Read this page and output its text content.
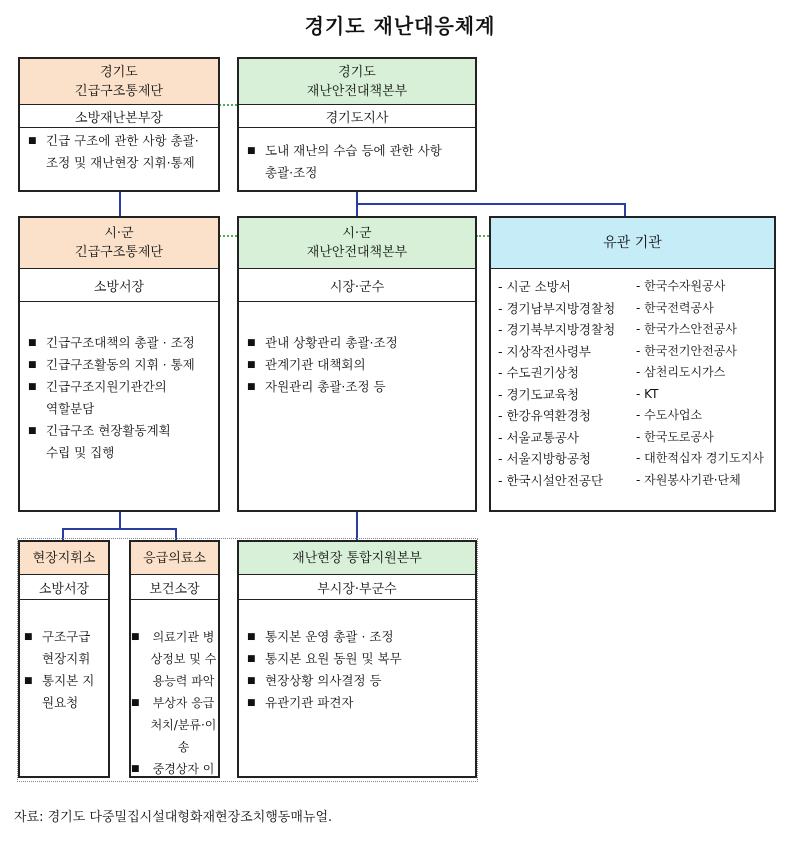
경기도 재난대응체계
경기도
긴급구조통제단
소방재난본부장
■ 긴급 구조에 관한 사항 총괄·조정 및 재난현장 지휘·통제
경기도
재난안전대책본부
경기도지사
■ 도내 재난의 수습 등에 관한 사항 총괄·조정
시·군
긴급구조통제단
소방서장
■ 긴급구조대책의 총괄 · 조정
■ 긴급구조활동의 지휘 · 통제
■ 긴급구조지원기관간의 역할분담
■ 긴급구조 현장활동계획 수립 및 집행
시·군
재난안전대책본부
시장·군수
■ 관내 상황관리 총괄·조정
■ 관계기관 대책회의
■ 자원관리 총괄·조정 등
유관 기관
- 시군 소방서
- 경기남부지방경찰청
- 경기북부지방경찰청
- 지상작전사령부
- 수도권기상청
- 경기도교육청
- 한강유역환경청
- 서울교통공사
- 서울지방항공청
- 한국시설안전공단
- 한국수자원공사
- 한국전력공사
- 한국가스안전공사
- 한국전기안전공사
- 삼천리도시가스
- KT
- 수도사업소
- 한국도로공사
- 대한적십자 경기도지사
- 자원봉사기관·단체
현장지휘소
소방서장
■ 구조구급 현장지휘
■ 통지본 지원요청
응급의료소
보건소장
■ 의료기관 병상정보 및 수용능력 파악
■ 부상자 응급처치/분류·이송
■ 중경상자 이
재난현장 통합지원본부
부시장·부군수
■ 통지본 운영 총괄 · 조정
■ 통지본 요원 동원 및 복무
■ 현장상황 의사결정 등
■ 유관기관 파견자
자료: 경기도 다중밀집시설대형화재현장조치행동매뉴얼.
